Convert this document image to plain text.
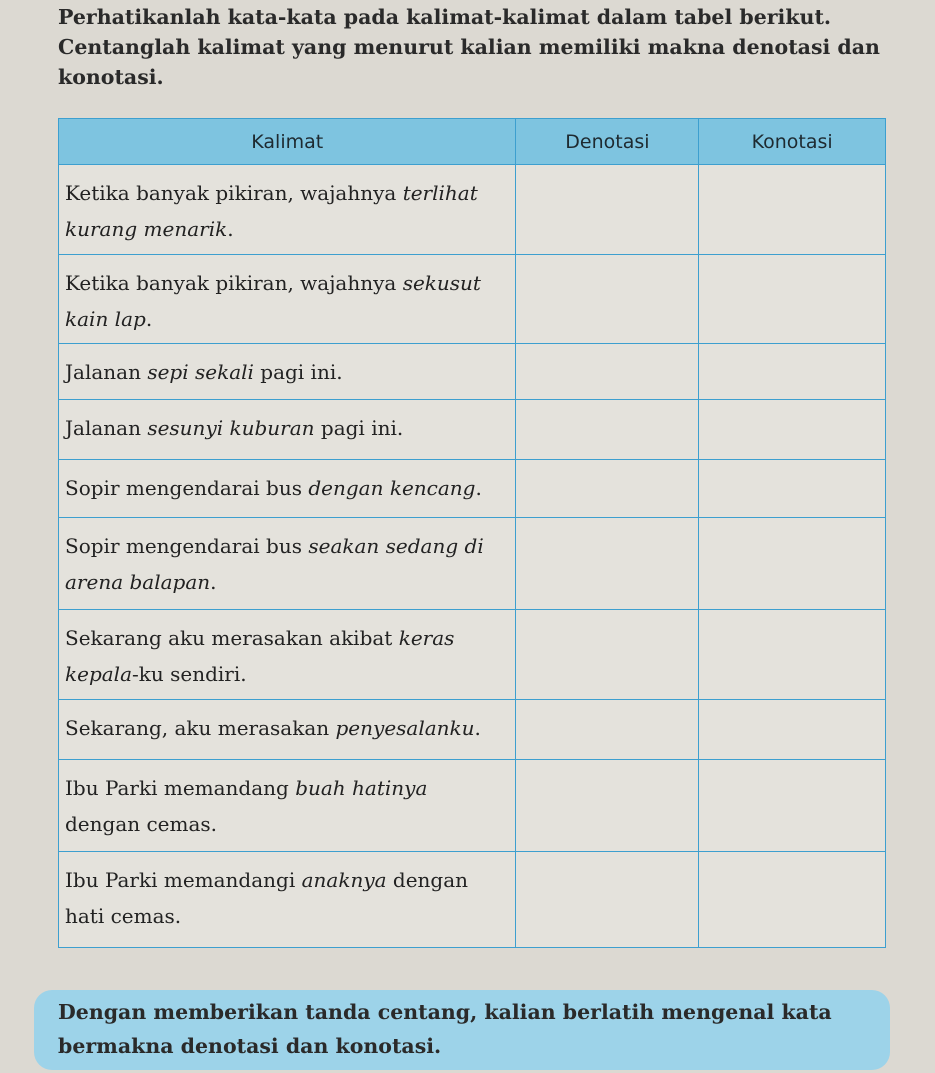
Perhatikanlah kata-kata pada kalimat-kalimat dalam tabel berikut.
Centanglah kalimat yang menurut kalian memiliki makna denotasi dan
konotasi.
Kalimat	Denotasi	Konotasi
Ketika banyak pikiran, wajahnya terlihat kurang menarik.		
Ketika banyak pikiran, wajahnya sekusut kain lap.		
Jalanan sepi sekali pagi ini.		
Jalanan sesunyi kuburan pagi ini.		
Sopir mengendarai bus dengan kencang.		
Sopir mengendarai bus seakan sedang di arena balapan.		
Sekarang aku merasakan akibat keras kepala-ku sendiri.		
Sekarang, aku merasakan penyesalanku.		
Ibu Parki memandang buah hatinya dengan cemas.		
Ibu Parki memandangi anaknya dengan hati cemas.		
Dengan memberikan tanda centang, kalian berlatih mengenal kata
bermakna denotasi dan konotasi.
